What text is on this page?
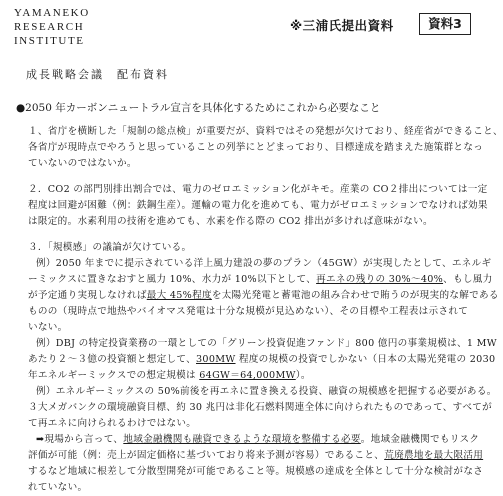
YAMANEKO
RESEARCH
INSTITUTE
※三浦氏提出資料	資料3
成長戦略会議　配布資料
●2050 年カーボンニュートラル宣言を具体化するためにこれから必要なこと

１、省庁を横断した「規制の総点検」が重要だが、資料ではその発想が欠けており、経産省ができること、
各省庁が現時点でやろうと思っていることの列挙にとどまっており、目標達成を踏まえた施策群となっ
ていないのではないか。

２．CO2 の部門別排出割合では、電力のゼロエミッション化がキモ。産業の CO２排出については一定
程度は回避が困難（例：鉄鋼生産）。運輸の電力化を進めても、電力がゼロエミッションでなければ効果
は限定的。水素利用の技術を進めても、水素を作る際の CO2 排出が多ければ意味がない。

３．「規模感」の議論が欠けている。
例）2050 年までに提示されている洋上風力建設の夢のプラン（45GW）が実現したとして、エネルギ
ーミックスに置きなおすと風力 10%、水力が 10%以下として、再エネの残りの 30%〜40%、もし風力
が予定通り実現しなければ最大 45%程度を太陽光発電と蓄電池の組み合わせで賄うのが現実的な解である
ものの（現時点で地热やバイオマス発電は十分な規模が見込めない）、その目標や工程表は示されて
いない。
例）DBJ の特定投資業務の一環としての「グリーン投資促進ファンド」800 億円の事業規模は、1 MW
あたり２〜３億の投資額と想定して、300MW 程度の規模の投資でしかない（日本の太陽光発電の 2030
年エネルギーミックスでの想定規模は 64GW＝64,000MW）。
例）エネルギーミックスの 50%前後を再エネに置き換える投資、融資の規模感を把握する必要がある。
３大メガバンクの環境融資目標、約 30 兆円は非化石燃料関連全体に向けられたものであって、すべてが
て再エネに向けられるわけではない。
➡現場から言って、地域金融機関も融資できるような環境を整備する必要。地域金融機関でもリスク
評価が可能（例：売上が固定価格に基づいており将来予測が容易）であること、荒廃農地を最大限活用
するなど地域に根差して分散型開発が可能であること等。規模感の達成を全体として十分な検討がなさ
れていない。
